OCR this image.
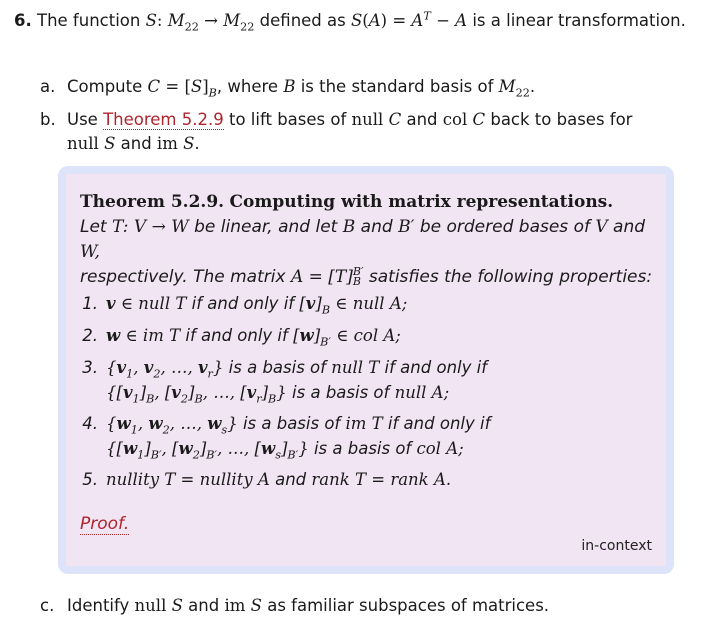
6. The function S: $M_{22} \to M_{22}$ defined as $S(A) = A^T - A$ is a linear transformation.
a. Compute $C = [S]_B$, where B is the standard basis of $M_{22}$.
b. Use Theorem 5.2.9 to lift bases of null C and col C back to bases for
null S and im S.
Theorem 5.2.9. Computing with matrix representations.
Let T: V → W be linear, and let B and B′ be ordered bases of V and W,
respectively. The matrix A = [T] B′
B satisfies the following properties:
1. v ∈ null T if and only if $[v]_B$ ∈ null A;
2. w ∈ im T if and only if $[w]_{B'}$ ∈ col A;
3. {$v_1$, $v_2$, …, $v_r$} is a basis of null T if and only if
{$[v_1]_B$, $[v_2]_B$, …, $[v_r]_B$} is a basis of null A;
4. {$w_1$, $w_2$, …, $w_s$} is a basis of im T if and only if
{$[w_1]_{B'}$, $[w_2]_{B'}$, …, $[w_s]_{B'}$} is a basis of col A;
5. nullity T = nullity A and rank T = rank A.
Proof.
in-context
c. Identify null S and im S as familiar subspaces of matrices.
